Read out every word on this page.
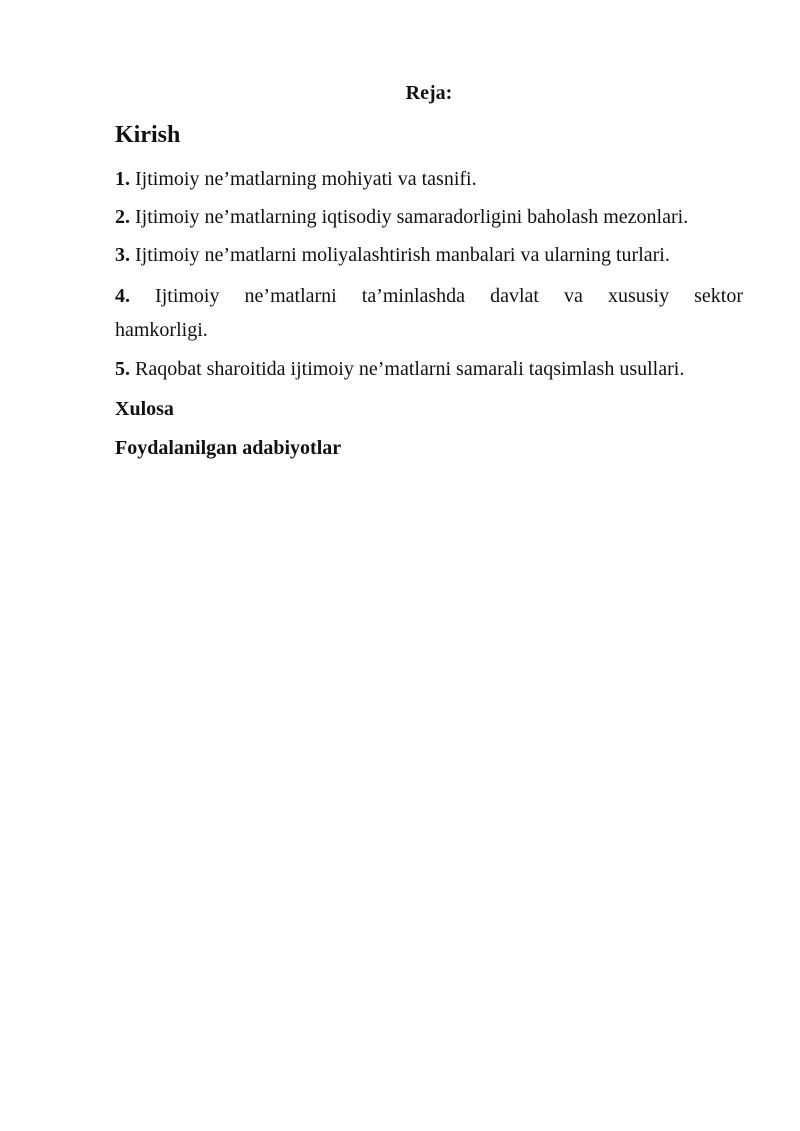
Reja:
Kirish
1. Ijtimoiy ne’matlarning mohiyati va tasnifi.
2. Ijtimoiy ne’matlarning iqtisodiy samaradorligini baholash mezonlari.
3. Ijtimoiy ne’matlarni moliyalashtirish manbalari va ularning turlari.
4. Ijtimoiy ne’matlarni ta’minlashda davlat va xususiy sektor
hamkorligi.
5. Raqobat sharoitida ijtimoiy ne’matlarni samarali taqsimlash usullari.
Xulosa
Foydalanilgan adabiyotlar
